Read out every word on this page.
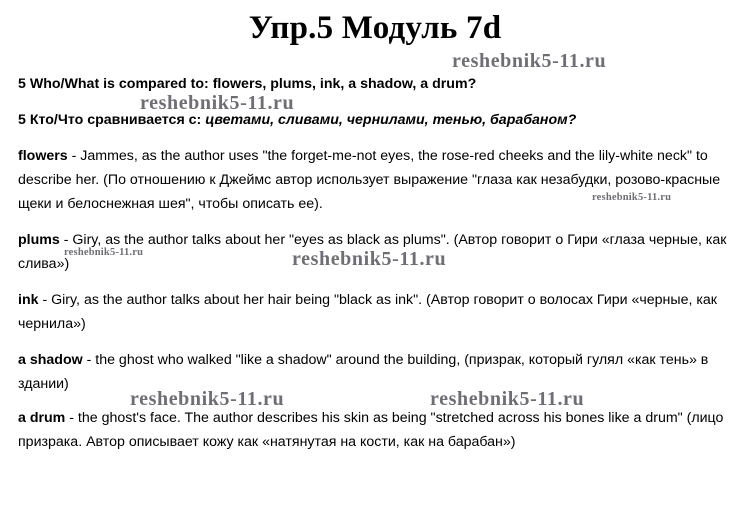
Упр.5 Модуль 7d
5 Who/What is compared to: flowers, plums, ink, a shadow, a drum?
5 Кто/Что сравнивается с: цветами, сливами, чернилами, тенью, барабаном?
flowers - Jammes, as the author uses "the forget-me-not eyes, the rose-red cheeks and the lily-white neck" to describe her. (По отношению к Джеймс автор использует выражение "глаза как незабудки, розово-красные щеки и белоснежная шея", чтобы описать ее).
plums - Giry, as the author talks about her "eyes as black as plums". (Автор говорит о Гири «глаза черные, как слива»)
ink - Giry, as the author talks about her hair being "black as ink". (Автор говорит о волосах Гири «черные, как чернила»)
a shadow - the ghost who walked "like a shadow" around the building, (призрак, который гулял «как тень» в здании)
a drum - the ghost's face. The author describes his skin as being "stretched across his bones like a drum" (лицо призрака. Автор описывает кожу как «натянутая на кости, как на барабан»)
reshebnik5-11.ru
reshebnik5-11.ru
reshebnik5-11.ru
reshebnik5-11.ru	reshebnik5-11.ru
reshebnik5-11.ru	reshebnik5-11.ru
